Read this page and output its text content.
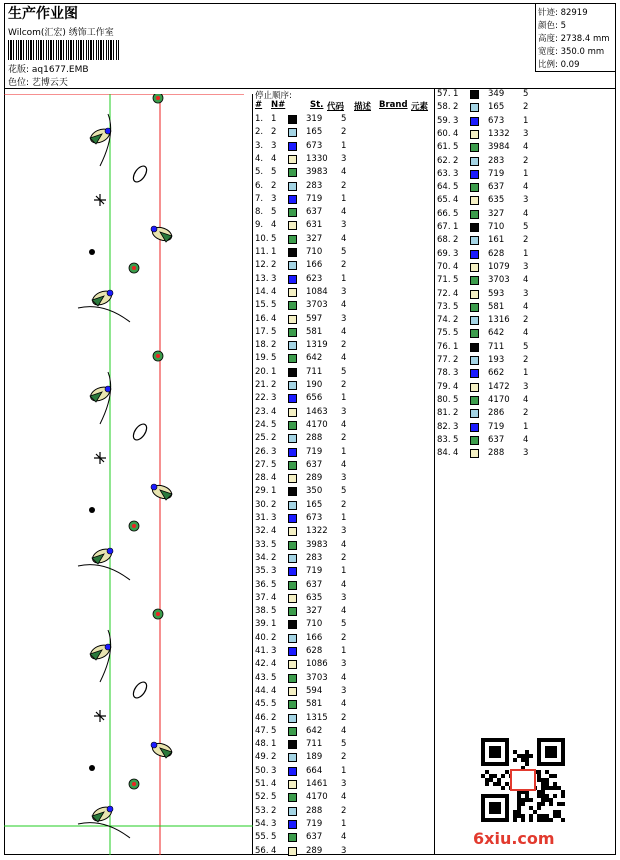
生产作业图
Wilcom(汇宏) 绣饰工作室
花版: aq1677.EMB
色位: 艺博云天
针迹: 82919
颜色: 5
高度: 2738.4 mm
宽度: 350.0 mm
比例: 0.09
停止顺序:
# N#	St. 代码 描述 Brand 元素
1. 1	319 5
2. 2	165 2
3. 3	673 1
4. 4	1330 3
5. 5	3983 4
6. 2	283 2
7. 3	719 1
8. 5	637 4
9. 4	631 3
10. 5	327 4
11. 1	710 5
12. 2	166 2
13. 3	623 1
14. 4	1084 3
15. 5	3703 4
16. 4	597 3
17. 5	581 4
18. 2	1319 2
19. 5	642 4
20. 1	711 5
21. 2	190 2
22. 3	656 1
23. 4	1463 3
24. 5	4170 4
25. 2	288 2
26. 3	719 1
27. 5	637 4
28. 4	289 3
29. 1	350 5
30. 2	165 2
31. 3	673 1
32. 4	1322 3
33. 5	3983 4
34. 2	283 2
35. 3	719 1
36. 5	637 4
37. 4	635 3
38. 5	327 4
39. 1	710 5
40. 2	166 2
41. 3	628 1
42. 4	1086 3
43. 5	3703 4
44. 4	594 3
45. 5	581 4
46. 2	1315 2
47. 5	642 4
48. 1	711 5
49. 2	189 2
50. 3	664 1
51. 4	1461 3
52. 5	4170 4
53. 2	288 2
54. 3	719 1
55. 5	637 4
56. 4	289 3
57. 1	349 5
58. 2	165 2
59. 3	673 1
60. 4	1332 3
61. 5	3984 4
62. 2	283 2
63. 3	719 1
64. 5	637 4
65. 4	635 3
66. 5	327 4
67. 1	710 5
68. 2	161 2
69. 3	628 1
70. 4	1079 3
71. 5	3703 4
72. 4	593 3
73. 5	581 4
74. 2	1316 2
75. 5	642 4
76. 1	711 5
77. 2	193 2
78. 3	662 1
79. 4	1472 3
80. 5	4170 4
81. 2	286 2
82. 3	719 1
83. 5	637 4
84. 4	288 3
6xiu.com
